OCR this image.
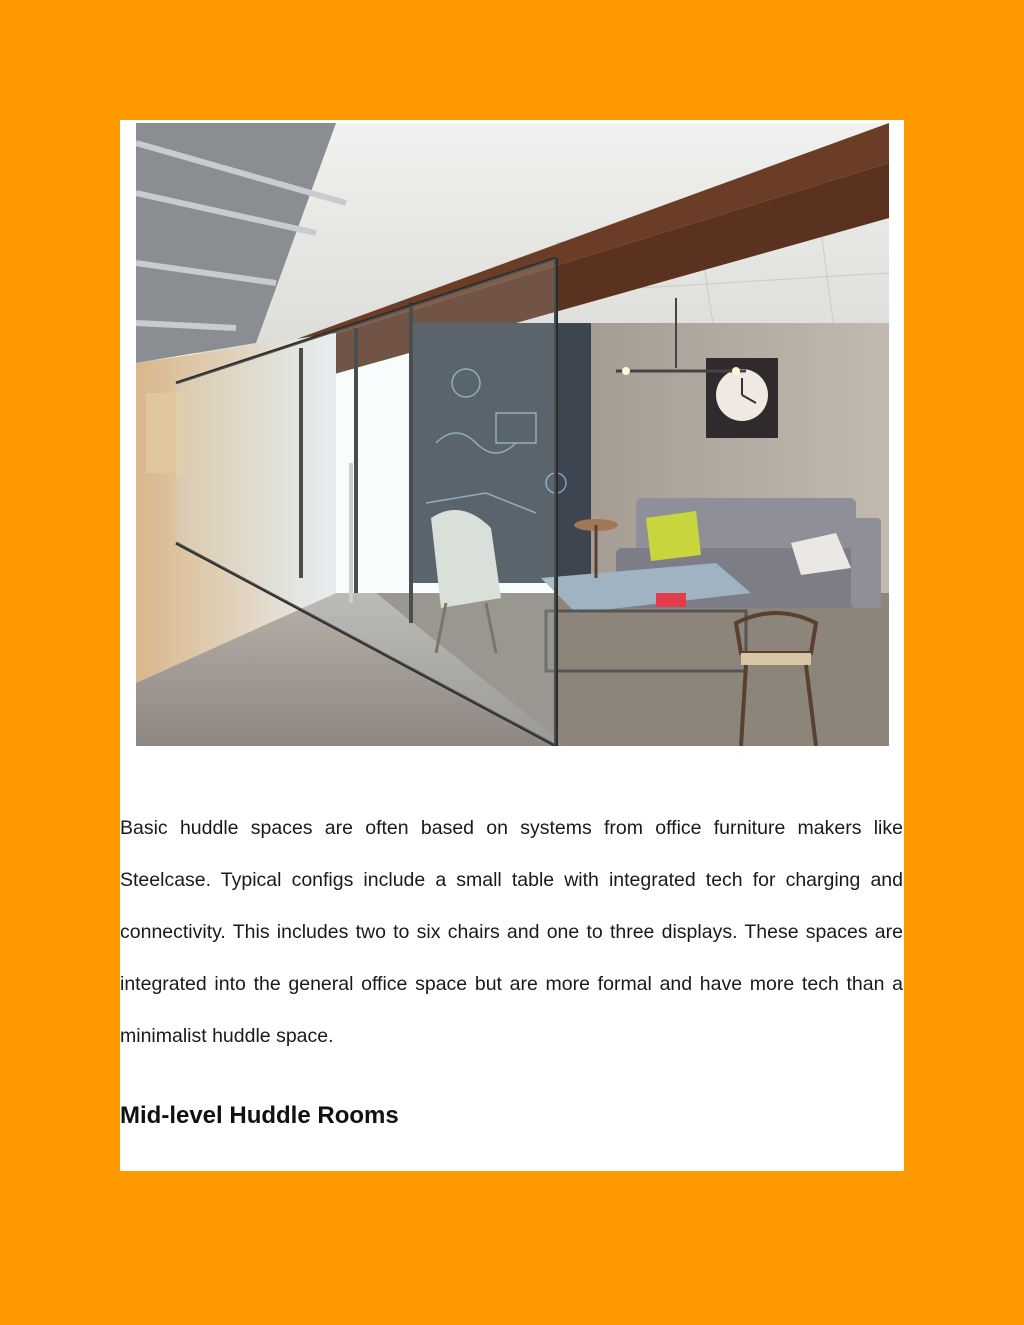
Basic huddle spaces are often based on systems from office furniture makers like Steelcase. Typical configs include a small table with integrated tech for charging and connectivity. This includes two to six chairs and one to three displays. These spaces are integrated into the general office space but are more formal and have more tech than a minimalist huddle space.

Mid-level Huddle Rooms
